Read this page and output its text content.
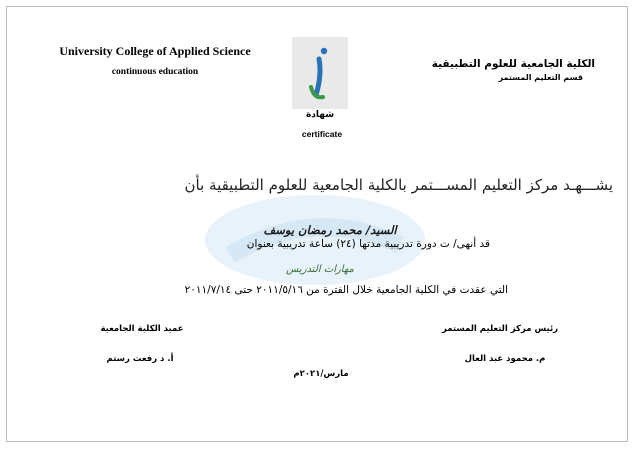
University College of Applied Science
continuous education
الكلية الجامعية للعلوم التطبيقية
قسم التعليم المستمر
شهادة
certificate
يشـــهـد مركز التعليم المســـتمر بالكلية الجامعية للعلوم التطبيقية بأن
السيد/ محمد رمضان يوسف
قد أنهى/ ت دورة تدريبية مدتها (٢٤) ساعة تدريبية بعنوان
مهارات التدريس
التي عقدت في الكلية الجامعية خلال الفترة من ٢٠١١/٥/١٦ حتى ٢٠١١/٧/١٤
عميد الكلية الجامعية	رئيس مركز التعليم المستمر
أ. د رفعت رستم	م. محمود عبد العال
مارس/٢٠٢١م
